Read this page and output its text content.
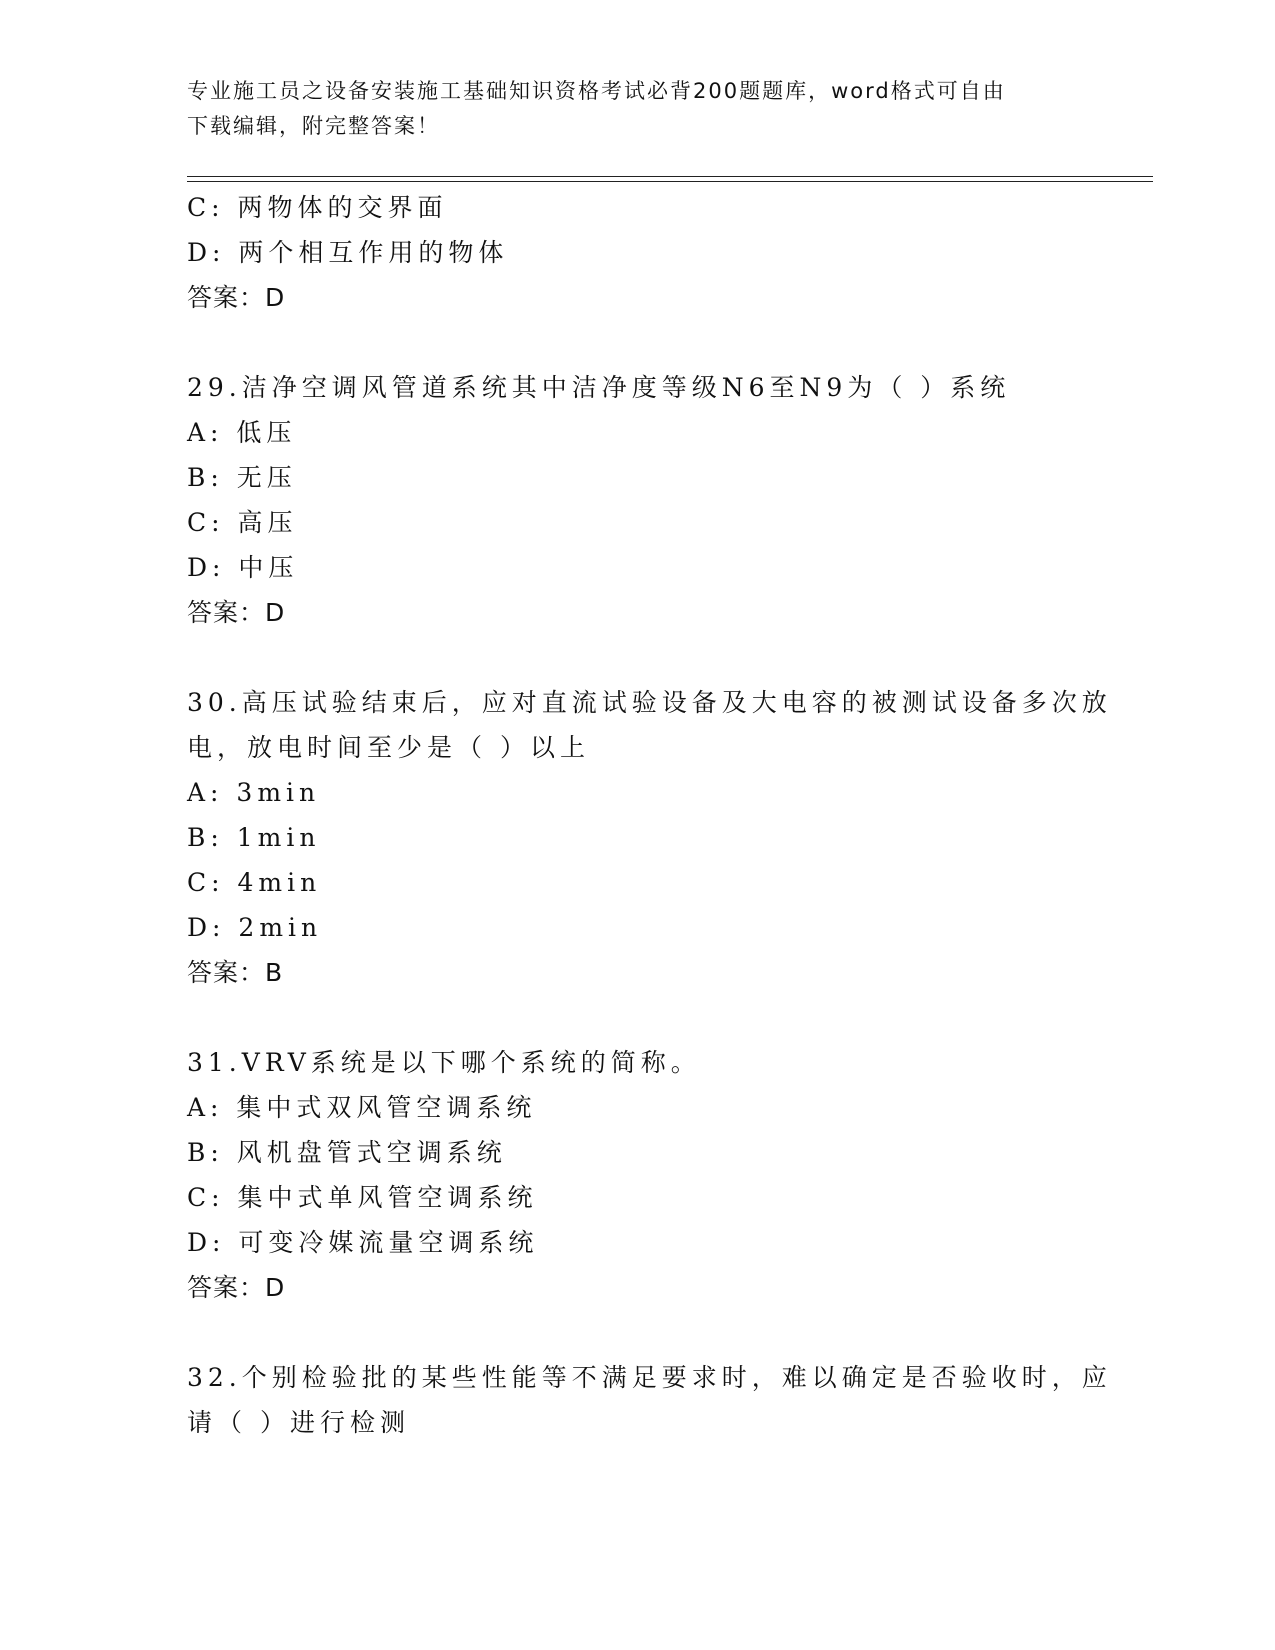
专业施工员之设备安装施工基础知识资格考试必背200题题库，word格式可自由
下载编辑，附完整答案！
C: 两物体的交界面
D: 两个相互作用的物体
答案：D
29.洁净空调风管道系统其中洁净度等级N6至N9为（ ）系统
A: 低压
B: 无压
C: 高压
D: 中压
答案：D
30.高压试验结束后，应对直流试验设备及大电容的被测试设备多次放
电，放电时间至少是（ ）以上
A: 3min
B: 1min
C: 4min
D: 2min
答案：B
31.VRV系统是以下哪个系统的简称。
A: 集中式双风管空调系统
B: 风机盘管式空调系统
C: 集中式单风管空调系统
D: 可变冷媒流量空调系统
答案：D
32.个别检验批的某些性能等不满足要求时，难以确定是否验收时，应
请（ ）进行检测
